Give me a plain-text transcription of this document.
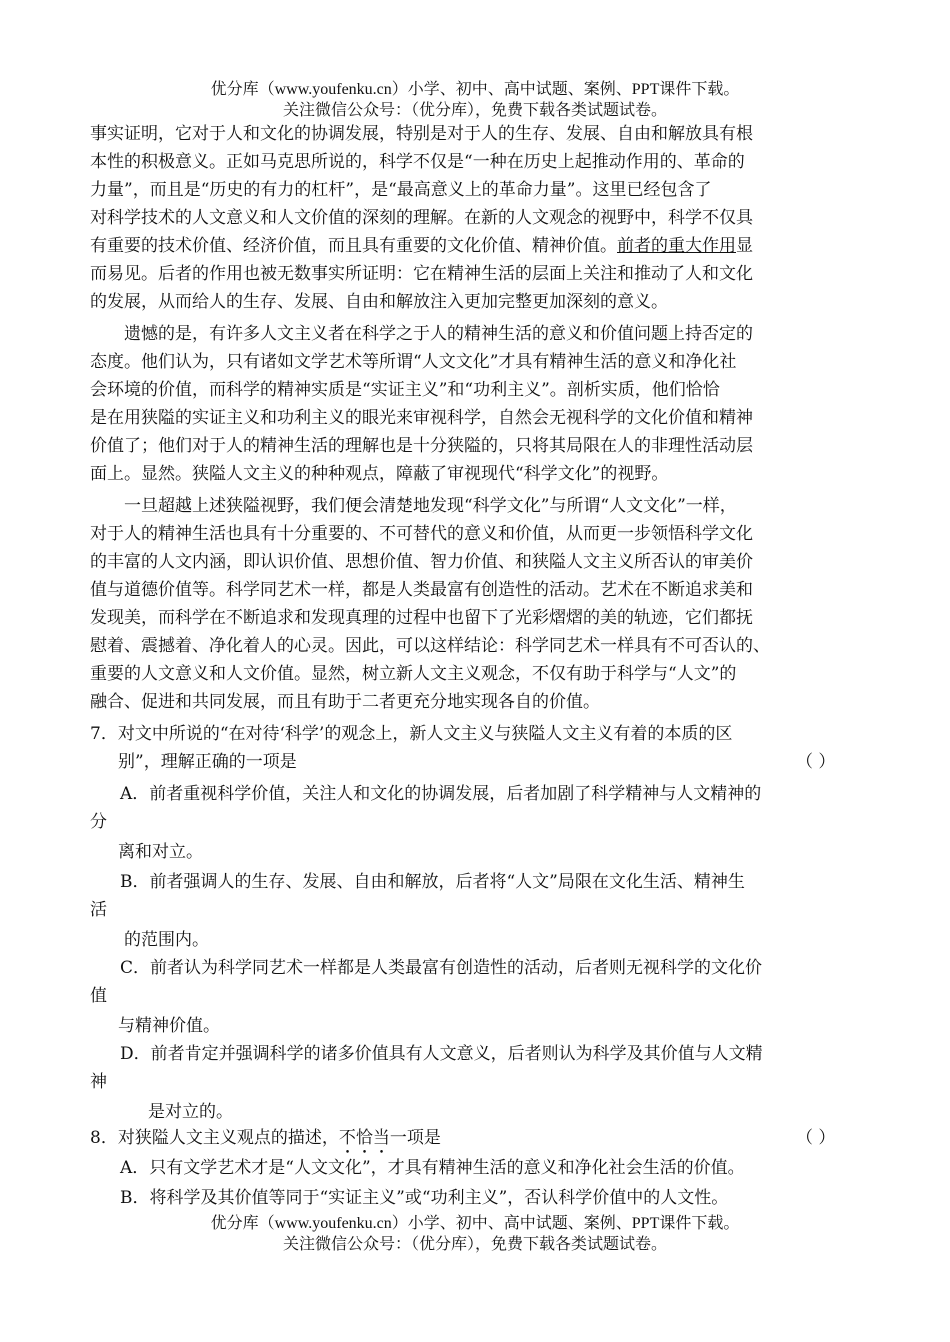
优分库（www.youfenku.cn）小学、初中、高中试题、案例、PPT课件下载。
关注微信公众号：（优分库），免费下载各类试题试卷。
事实证明，它对于人和文化的协调发展，特别是对于人的生存、发展、自由和解放具有根
本性的积极意义。正如马克思所说的，科学不仅是“一种在历史上起推动作用的、革命的
力量”，而且是“历史的有力的杠杆”，是“最高意义上的革命力量”。这里已经包含了
对科学技术的人文意义和人文价值的深刻的理解。在新的人文观念的视野中，科学不仅具
有重要的技术价值、经济价值，而且具有重要的文化价值、精神价值。前者的重大作用显
而易见。后者的作用也被无数事实所证明：它在精神生活的层面上关注和推动了人和文化
的发展，从而给人的生存、发展、自由和解放注入更加完整更加深刻的意义。
遗憾的是，有许多人文主义者在科学之于人的精神生活的意义和价值问题上持否定的
态度。他们认为，只有诸如文学艺术等所谓“人文文化”才具有精神生活的意义和净化社
会环境的价值，而科学的精神实质是“实证主义”和“功利主义”。剖析实质，他们恰恰
是在用狭隘的实证主义和功利主义的眼光来审视科学，自然会无视科学的文化价值和精神
价值了；他们对于人的精神生活的理解也是十分狭隘的，只将其局限在人的非理性活动层
面上。显然。狭隘人文主义的种种观点，障蔽了审视现代“科学文化”的视野。
一旦超越上述狭隘视野，我们便会清楚地发现“科学文化”与所谓“人文文化”一样，
对于人的精神生活也具有十分重要的、不可替代的意义和价值，从而更一步领悟科学文化
的丰富的人文内涵，即认识价值、思想价值、智力价值、和狭隘人文主义所否认的审美价
值与道德价值等。科学同艺术一样，都是人类最富有创造性的活动。艺术在不断追求美和
发现美，而科学在不断追求和发现真理的过程中也留下了光彩熠熠的美的轨迹，它们都抚
慰着、震撼着、净化着人的心灵。因此，可以这样结论：科学同艺术一样具有不可否认的、
重要的人文意义和人文价值。显然，树立新人文主义观念，不仅有助于科学与“人文”的
融合、促进和共同发展，而且有助于二者更充分地实现各自的价值。
7．对文中所说的“在对待‘科学’的观念上，新人文主义与狭隘人文主义有着的本质的区
别”，理解正确的一项是	（ ）
A．前者重视科学价值，关注人和文化的协调发展，后者加剧了科学精神与人文精神的
分
离和对立。
B．前者强调人的生存、发展、自由和解放，后者将“人文”局限在文化生活、精神生
活
的范围内。
C．前者认为科学同艺术一样都是人类最富有创造性的活动，后者则无视科学的文化价
值
与精神价值。
D．前者肯定并强调科学的诸多价值具有人文意义，后者则认为科学及其价值与人文精
神
是对立的。
8．对狭隘人文主义观点的描述，不恰当一项是	（ ）
A．只有文学艺术才是“人文文化”，才具有精神生活的意义和净化社会生活的价值。
B．将科学及其价值等同于“实证主义”或“功利主义”，否认科学价值中的人文性。
优分库（www.youfenku.cn）小学、初中、高中试题、案例、PPT课件下载。
关注微信公众号：（优分库），免费下载各类试题试卷。
